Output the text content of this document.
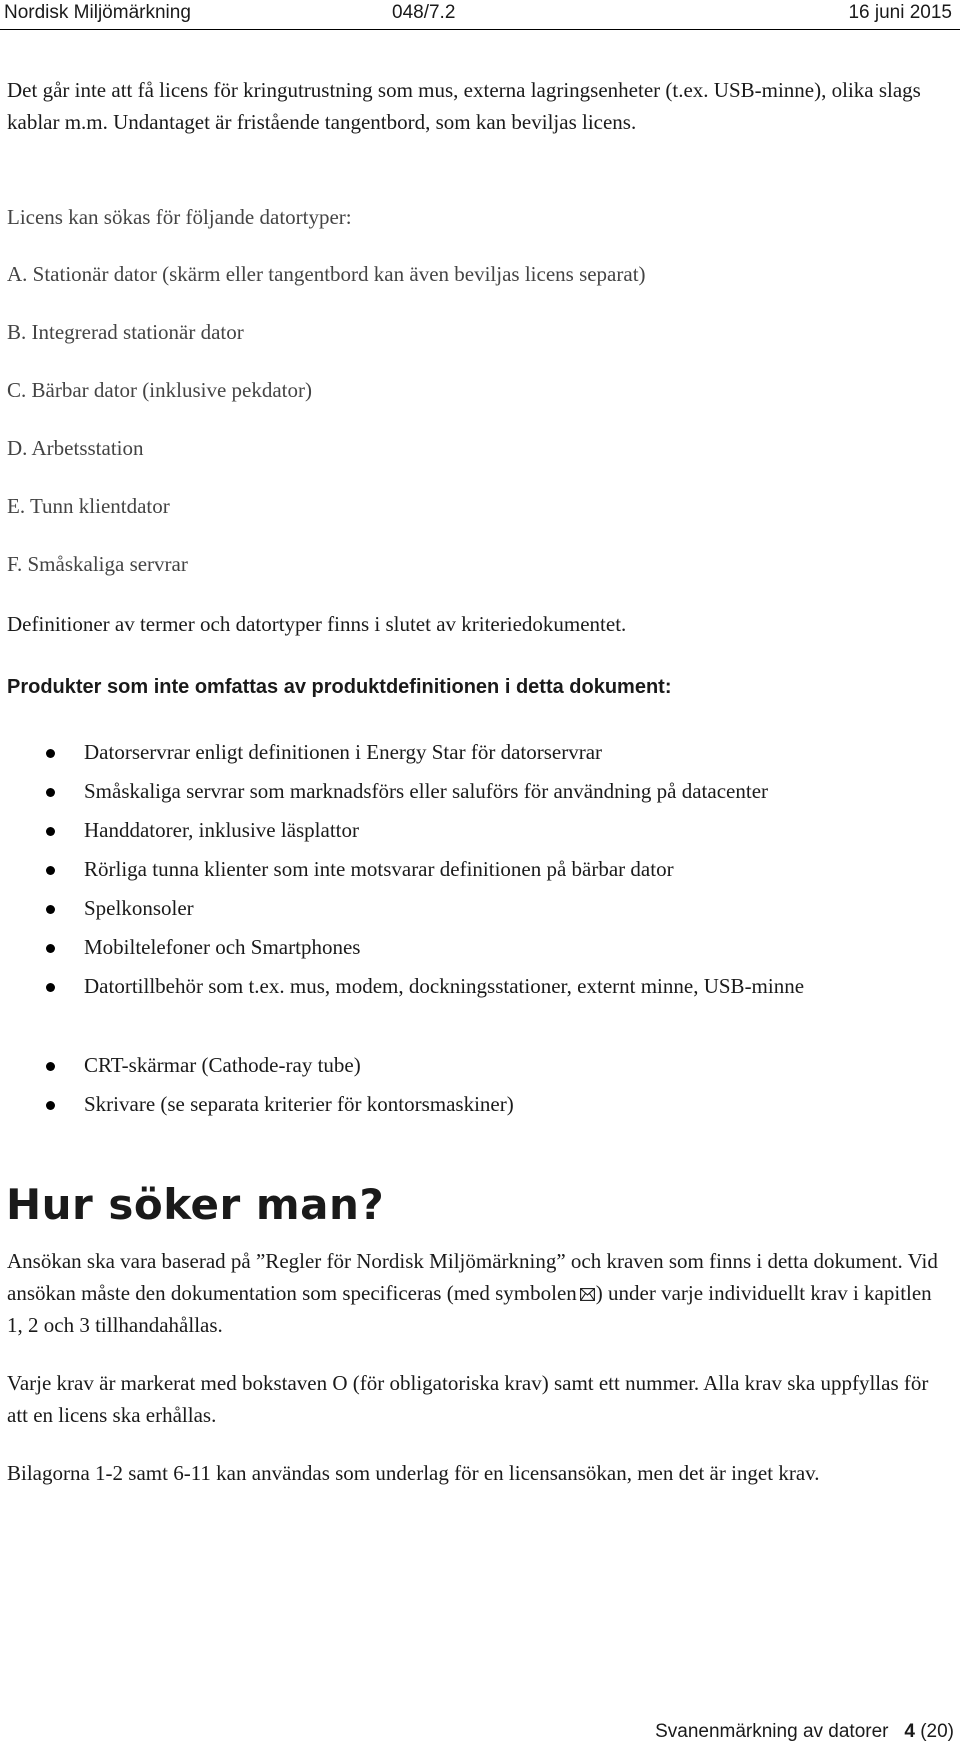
Nordisk Miljömärkning	048/7.2	16 juni 2015

Det går inte att få licens för kringutrustning som mus, externa lagringsenheter (t.ex. USB-minne), olika slags kablar m.m. Undantaget är fristående tangentbord, som kan beviljas licens.

Licens kan sökas för följande datortyper:

A. Stationär dator (skärm eller tangentbord kan även beviljas licens separat)
B. Integrerad stationär dator
C. Bärbar dator (inklusive pekdator)
D. Arbetsstation
E. Tunn klientdator
F. Småskaliga servrar
Definitioner av termer och datortyper finns i slutet av kriteriedokumentet.
Produkter som inte omfattas av produktdefinitionen i detta dokument:
Datorservrar enligt definitionen i Energy Star för datorservrar
Småskaliga servrar som marknadsförs eller saluförs för användning på datacenter
Handdatorer, inklusive läsplattor
Rörliga tunna klienter som inte motsvarar definitionen på bärbar dator
Spelkonsoler
Mobiltelefoner och Smartphones
Datortillbehör som t.ex. mus, modem, dockningsstationer, externt minne, USB-minne
CRT-skärmar (Cathode-ray tube)
Skrivare (se separata kriterier för kontorsmaskiner)
Hur söker man?

Ansökan ska vara baserad på ”Regler för Nordisk Miljömärkning” och kraven som finns i detta dokument. Vid ansökan måste den dokumentation som specificeras (med symbolen ) under varje individuellt krav i kapitlen 1, 2 och 3 tillhandahållas.

Varje krav är markerat med bokstaven O (för obligatoriska krav) samt ett nummer. Alla krav ska uppfyllas för att en licens ska erhållas.

Bilagorna 1-2 samt 6-11 kan användas som underlag för en licensansökan, men det är inget krav.

Svanenmärkning av datorer 4 (20)
